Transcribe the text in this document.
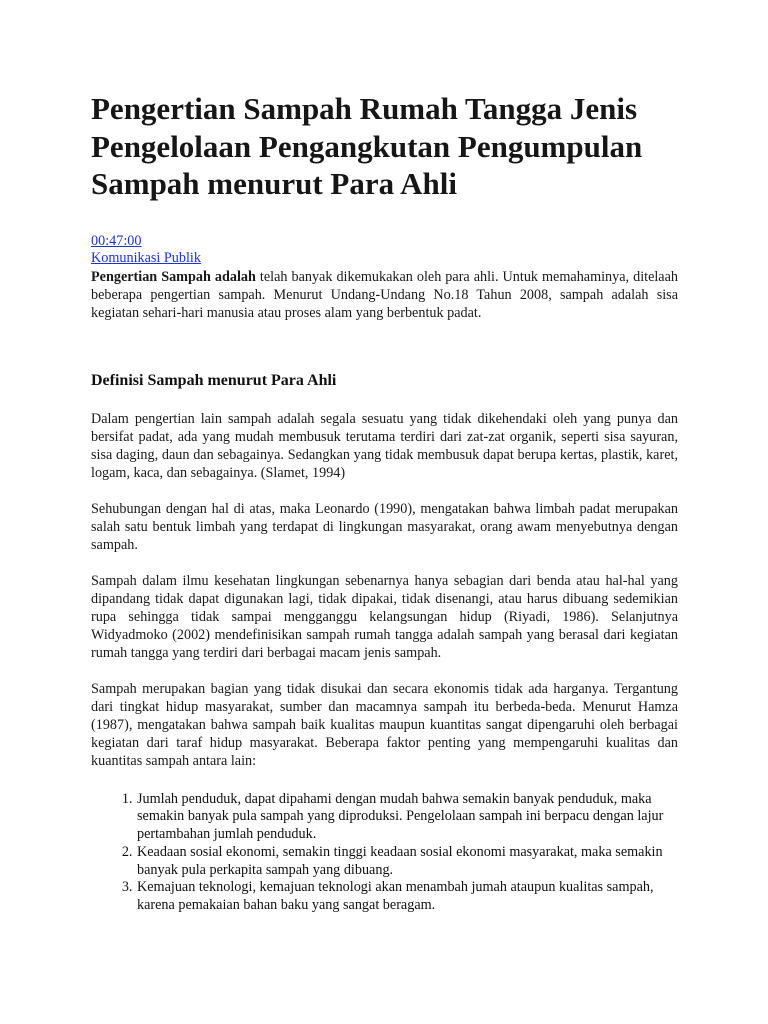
Pengertian Sampah Rumah Tangga Jenis Pengelolaan Pengangkutan Pengumpulan Sampah menurut Para Ahli
00:47:00
Komunikasi Publik

Pengertian Sampah adalah telah banyak dikemukakan oleh para ahli. Untuk memahaminya, ditelaah beberapa pengertian sampah. Menurut Undang-Undang No.18 Tahun 2008, sampah adalah sisa kegiatan sehari-hari manusia atau proses alam yang berbentuk padat.

Definisi Sampah menurut Para Ahli

Dalam pengertian lain sampah adalah segala sesuatu yang tidak dikehendaki oleh yang punya dan bersifat padat, ada yang mudah membusuk terutama terdiri dari zat-zat organik, seperti sisa sayuran, sisa daging, daun dan sebagainya. Sedangkan yang tidak membusuk dapat berupa kertas, plastik, karet, logam, kaca, dan sebagainya. (Slamet, 1994)

Sehubungan dengan hal di atas, maka Leonardo (1990), mengatakan bahwa limbah padat merupakan salah satu bentuk limbah yang terdapat di lingkungan masyarakat, orang awam menyebutnya dengan sampah.

Sampah dalam ilmu kesehatan lingkungan sebenarnya hanya sebagian dari benda atau hal-hal yang dipandang tidak dapat digunakan lagi, tidak dipakai, tidak disenangi, atau harus dibuang sedemikian rupa sehingga tidak sampai mengganggu kelangsungan hidup (Riyadi, 1986). Selanjutnya Widyadmoko (2002) mendefinisikan sampah rumah tangga adalah sampah yang berasal dari kegiatan rumah tangga yang terdiri dari berbagai macam jenis sampah.

Sampah merupakan bagian yang tidak disukai dan secara ekonomis tidak ada harganya. Tergantung dari tingkat hidup masyarakat, sumber dan macamnya sampah itu berbeda-beda. Menurut Hamza (1987), mengatakan bahwa sampah baik kualitas maupun kuantitas sangat dipengaruhi oleh berbagai kegiatan dari taraf hidup masyarakat. Beberapa faktor penting yang mempengaruhi kualitas dan kuantitas sampah antara lain:

1. Jumlah penduduk, dapat dipahami dengan mudah bahwa semakin banyak penduduk, maka semakin banyak pula sampah yang diproduksi. Pengelolaan sampah ini berpacu dengan lajur pertambahan jumlah penduduk.
2. Keadaan sosial ekonomi, semakin tinggi keadaan sosial ekonomi masyarakat, maka semakin banyak pula perkapita sampah yang dibuang.
3. Kemajuan teknologi, kemajuan teknologi akan menambah jumah ataupun kualitas sampah, karena pemakaian bahan baku yang sangat beragam.
